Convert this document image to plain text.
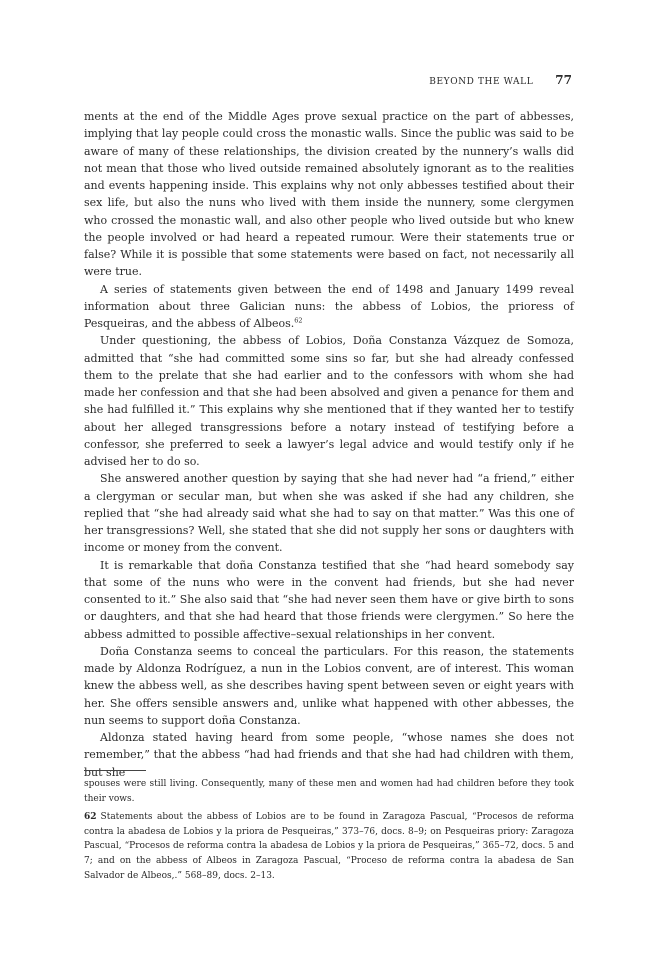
BEYOND THE WALL 77

ments at the end of the Middle Ages prove sexual practice on the part of abbesses, implying that lay people could cross the monastic walls. Since the public was said to be aware of many of these relationships, the division created by the nunnery’s walls did not mean that those who lived outside remained absolutely ignorant as to the realities and events happening inside. This explains why not only abbesses testified about their sex life, but also the nuns who lived with them inside the nunnery, some clergymen who crossed the monastic wall, and also other people who lived outside but who knew the people involved or had heard a repeated rumour. Were their statements true or false? While it is possible that some statements were based on fact, not necessarily all were true.

A series of statements given between the end of 1498 and January 1499 reveal information about three Galician nuns: the abbess of Lobios, the prioress of Pesqueiras, and the abbess of Albeos.$^{62}$

Under questioning, the abbess of Lobios, Doña Constanza Vázquez de Somoza, admitted that “she had committed some sins so far, but she had already confessed them to the prelate that she had earlier and to the confessors with whom she had made her confession and that she had been absolved and given a penance for them and she had fulfilled it.” This explains why she mentioned that if they wanted her to testify about her alleged transgressions before a notary instead of testifying before a confessor, she preferred to seek a lawyer’s legal advice and would testify only if he advised her to do so.

She answered another question by saying that she had never had “a friend,” either a clergyman or secular man, but when she was asked if she had any children, she replied that “she had already said what she had to say on that matter.” Was this one of her transgressions? Well, she stated that she did not supply her sons or daughters with income or money from the convent.

It is remarkable that doña Constanza testified that she “had heard somebody say that some of the nuns who were in the convent had friends, but she had never consented to it.” She also said that “she had never seen them have or give birth to sons or daughters, and that she had heard that those friends were clergymen.” So here the abbess admitted to possible affective–sexual relationships in her convent.

Doña Constanza seems to conceal the particulars. For this reason, the statements made by Aldonza Rodríguez, a nun in the Lobios convent, are of interest. This woman knew the abbess well, as she describes having spent between seven or eight years with her. She offers sensible answers and, unlike what happened with other abbesses, the nun seems to support doña Constanza.

Aldonza stated having heard from some people, “whose names she does not remember,” that the abbess “had had friends and that she had had children with them, but she

spouses were still living. Consequently, many of these men and women had had children before they took their vows.

62 Statements about the abbess of Lobios are to be found in Zaragoza Pascual, “Procesos de reforma contra la abadesa de Lobios y la priora de Pesqueiras,” 373–76, docs. 8–9; on Pesqueiras priory: Zaragoza Pascual, “Procesos de reforma contra la abadesa de Lobios y la priora de Pesqueiras,” 365–72, docs. 5 and 7; and on the abbess of Albeos in Zaragoza Pascual, “Proceso de reforma contra la abadesa de San Salvador de Albeos,.” 568–89, docs. 2–13.
